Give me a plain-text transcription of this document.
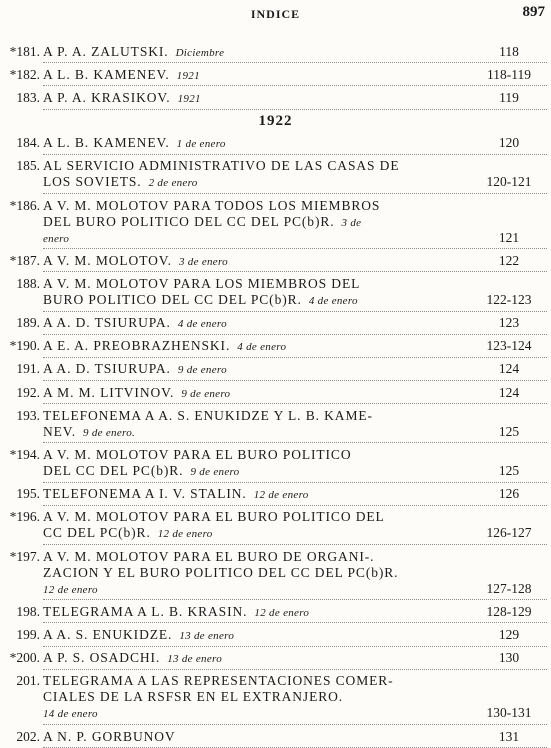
INDICE	897
*181. A P. A. ZALUTSKI. Diciembre	118
*182. A L. B. KAMENEV. 1921	118-119
183. A P. A. KRASIKOV. 1921	119
1922
184. A L. B. KAMENEV. 1 de enero	120
185. AL SERVICIO ADMINISTRATIVO DE LAS CASAS DE
LOS SOVIETS. 2 de enero	120-121
*186. A V. M. MOLOTOV PARA TODOS LOS MIEMBROS
DEL BURO POLITICO DEL CC DEL PC(b)R. 3 de
enero	121
*187. A V. M. MOLOTOV. 3 de enero	122
188. A V. M. MOLOTOV PARA LOS MIEMBROS DEL
BURO POLITICO DEL CC DEL PC(b)R. 4 de enero	122-123
189. A A. D. TSIURUPA. 4 de enero	123
*190. A E. A. PREOBRAZHENSKI. 4 de enero	123-124
191. A A. D. TSIURUPA. 9 de enero	124
192. A M. M. LITVINOV. 9 de enero	124
193. TELEFONEMA A A. S. ENUKIDZE Y L. B. KAME-
NEV. 9 de enero.	125
*194. A V. M. MOLOTOV PARA EL BURO POLITICO
DEL CC DEL PC(b)R. 9 de enero	125
195. TELEFONEMA A I. V. STALIN. 12 de enero	126
*196. A V. M. MOLOTOV PARA EL BURO POLITICO DEL
CC DEL PC(b)R. 12 de enero	126-127
*197. A V. M. MOLOTOV PARA EL BURO DE ORGANI-.
ZACION Y EL BURO POLITICO DEL CC DEL PC(b)R.
12 de enero	127-128
198. TELEGRAMA A L. B. KRASIN. 12 de enero	128-129
199. A A. S. ENUKIDZE. 13 de enero	129
*200. A P. S. OSADCHI. 13 de enero	130
201. TELEGRAMA A LAS REPRESENTACIONES COMER-
CIALES DE LA RSFSR EN EL EXTRANJERO.
14 de enero	130-131
202. A N. P. GORBUNOV	131
